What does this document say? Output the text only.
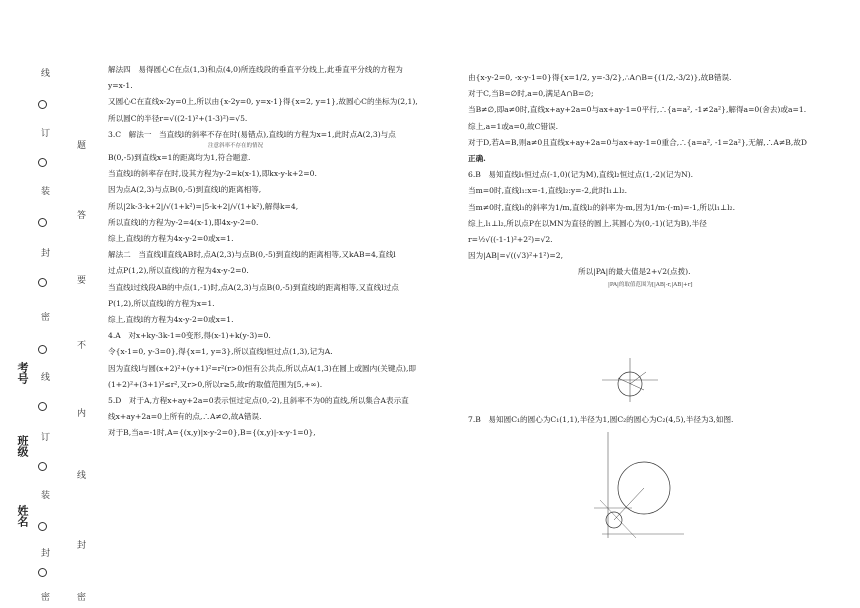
姓名
班级
考号
线
订
装
封
密
线
订
装
封
密
题
答
要
不
内
线
封
密

解法四　易得圆心C在点(1,3)和点(4,0)所连线段的垂直平分线上,此垂直平分线的方程为

y=x-1.

又圆心C在直线x-2y=0上,所以由{x-2y=0, y=x-1}得{x=2, y=1},故圆心C的坐标为(2,1),

所以圆C的半径r=√((2-1)²+(1-3)²)=√5.

3.C　解法一　当直线l的斜率不存在时(易错点),直线l的方程为x=1,此时点A(2,3)与点

注意斜率不存在的情况

B(0,-5)到直线x=1的距离均为1,符合题意.

当直线l的斜率存在时,设其方程为y-2=k(x-1),即kx-y-k+2=0.

因为点A(2,3)与点B(0,-5)到直线l的距离相等,

所以|2k-3-k+2|/√(1+k²)=|5-k+2|/√(1+k²),解得k=4,

所以直线l的方程为y-2=4(x-1),即4x-y-2=0.

综上,直线l的方程为4x-y-2=0或x=1.

解法二　当直线l∥直线AB时,点A(2,3)与点B(0,-5)到直线l的距离相等,又kAB=4,直线l

过点P(1,2),所以直线l的方程为4x-y-2=0.

当直线l过线段AB的中点(1,-1)时,点A(2,3)与点B(0,-5)到直线l的距离相等,又直线l过点

P(1,2),所以直线l的方程为x=1.

综上,直线l的方程为4x-y-2=0或x=1.

4.A　对x+ky-3k-1=0变形,得(x-1)+k(y-3)=0.

令{x-1=0, y-3=0},得{x=1, y=3},所以直线l恒过点(1,3),记为A.

因为直线l与圆(x+2)²+(y+1)²=r²(r>0)恒有公共点,所以点A(1,3)在圆上或圆内(关键点),即

(1+2)²+(3+1)²≤r²,又r>0,所以r≥5,故r的取值范围为[5,+∞).

5.D　对于A,方程x+ay+2a=0表示恒过定点(0,-2),且斜率不为0的直线,所以集合A表示直

线x+ay+2a=0上所有的点,∴A≠∅,故A错误.

对于B,当a=-1时,A={(x,y)|x-y-2=0},B={(x,y)|-x-y-1=0},

由{x-y-2=0, -x-y-1=0}得{x=1/2, y=-3/2},∴A∩B={(1/2,-3/2)},故B错误.

对于C,当B=∅时,a=0,满足A∩B=∅;

当B≠∅,即a≠0时,直线x+ay+2a=0与ax+ay-1=0平行,∴{a=a², -1≠2a²},解得a=0(舍去)或a=1.

综上,a=1或a=0,故C错误.

对于D,若A=B,则a≠0且直线x+ay+2a=0与ax+ay-1=0重合,∴{a=a², -1=2a²},无解,∴A≠B,故D

正确.

6.B　易知直线l₁恒过点(-1,0)(记为M),直线l₂恒过点(1,-2)(记为N).

当m=0时,直线l₁:x=-1,直线l₂:y=-2,此时l₁⊥l₂.

当m≠0时,直线l₁的斜率为1/m,直线l₂的斜率为-m,因为1/m·(-m)=-1,所以l₁⊥l₂.

综上,l₁⊥l₂,所以点P在以MN为直径的圆上,其圆心为(0,-1)(记为B),半径

r=½√((-1-1)²+2²)=√2.

因为|AB|=√((√3)²+1²)=2,

所以|PA|的最大值是2+√2(点拨).

|PA|的取值范围为[|AB|-r,|AB|+r]

7.B　易知圆C₁的圆心为C₁(1,1),半径为1,圆C₂的圆心为C₂(4,5),半径为3,如图.
